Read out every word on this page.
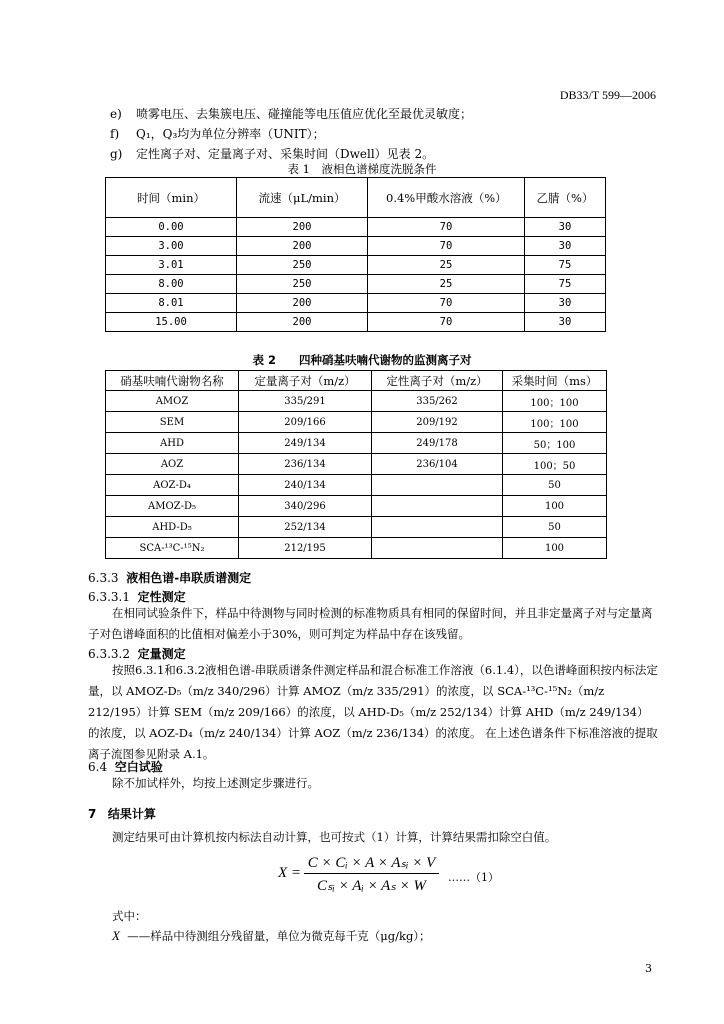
DB33/T 599—2006
e) 喷雾电压、去集簇电压、碰撞能等电压值应优化至最优灵敏度；
f) Q₁，Q₃均为单位分辨率（UNIT）；
g) 定性离子对、定量离子对、采集时间（Dwell）见表 2。
表 1　液相色谱梯度洗脱条件
时间（min）	流速（μL/min）	0.4%甲酸水溶液（%）	乙腈（%）
0.00	200	70	30
3.00	200	70	30
3.01	250	25	75
8.00	250	25	75
8.01	200	70	30
15.00	200	70	30
表 2　　四种硝基呋喃代谢物的监测离子对
硝基呋喃代谢物名称	定量离子对（m/z）	定性离子对（m/z）	采集时间（ms）
AMOZ	335/291	335/262	100；100
SEM	209/166	209/192	100；100
AHD	249/134	249/178	50；100
AOZ	236/134	236/104	100；50
AOZ-D₄	240/134		50
AMOZ-D₅	340/296		100
AHD-D₅	252/134		50
SCA-¹³C-¹⁵N₂	212/195		100
6.3.3 液相色谱-串联质谱测定
6.3.3.1 定性测定
在相同试验条件下，样品中待测物与同时检测的标准物质具有相同的保留时间，并且非定量离子对与定量离子对色谱峰面积的比值相对偏差小于30%，则可判定为样品中存在该残留。
6.3.3.2 定量测定
按照6.3.1和6.3.2液相色谱-串联质谱条件测定样品和混合标准工作溶液（6.1.4），以色谱峰面积按内标法定量，以 AMOZ-D₅（m/z 340/296）计算 AMOZ（m/z 335/291）的浓度，以 SCA-¹³C-¹⁵N₂（m/z 212/195）计算 SEM（m/z 209/166）的浓度，以 AHD-D₅（m/z 252/134）计算 AHD（m/z 249/134）的浓度，以 AOZ-D₄（m/z 240/134）计算 AOZ（m/z 236/134）的浓度。 在上述色谱条件下标准溶液的提取离子流图参见附录 A.1。
6.4 空白试验
除不加试样外，均按上述测定步骤进行。
7 结果计算
测定结果可由计算机按内标法自动计算，也可按式（1）计算，计算结果需扣除空白值。
X =
C × Cᵢ × A × Aₛᵢ × V
Cₛᵢ × Aᵢ × Aₛ × W
……（1）
式中：
X ——样品中待测组分残留量，单位为微克每千克（μg/kg）；
3
